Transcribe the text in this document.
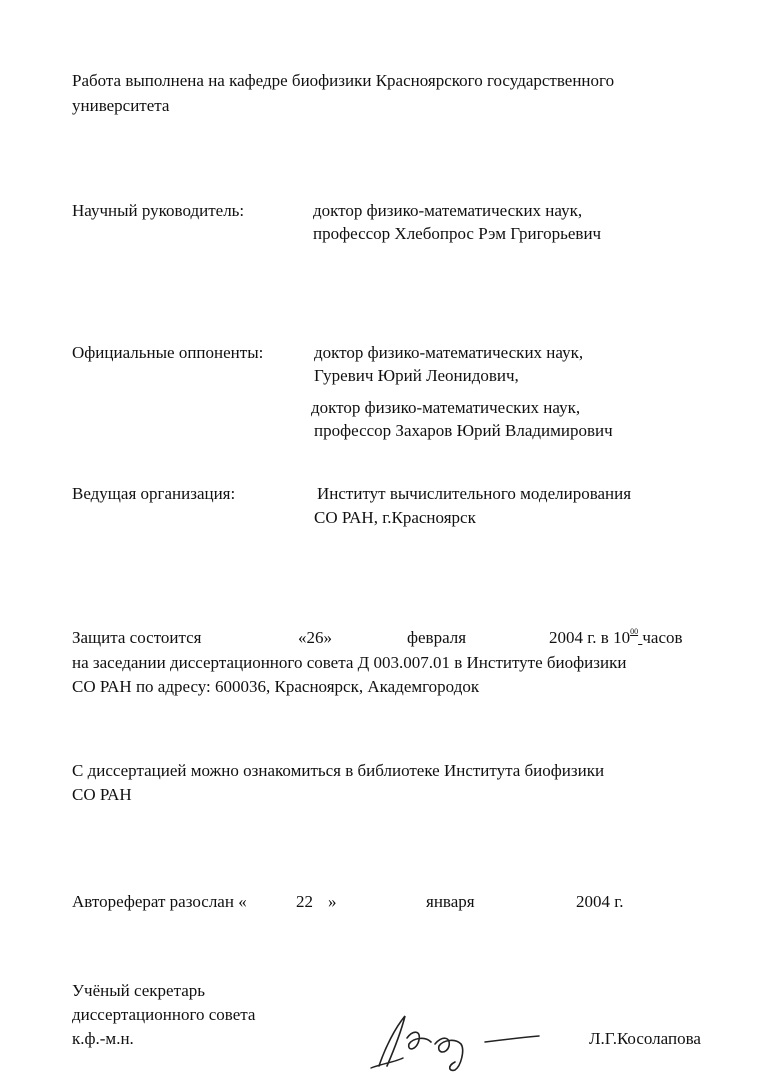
Работа выполнена на кафедре биофизики Красноярского государственного
университета
Научный руководитель:	доктор физико-математических наук,
профессор Хлебопрос Рэм Григорьевич
Официальные оппоненты:	доктор физико-математических наук,
Гуревич Юрий Леонидович,
доктор физико-математических наук,
профессор Захаров Юрий Владимирович
Ведущая организация:	Институт вычислительного моделирования
СО РАН, г.Красноярск
Защита состоится	«26»	февраля	2004 г. в $10^{00}$ часов
на заседании диссертационного совета Д 003.007.01 в Институте биофизики
СО РАН по адресу: 600036, Красноярск, Академгородок
С диссертацией можно ознакомиться в библиотеке Института биофизики
СО РАН
Автореферат разослан «	22 »	января	2004 г.
Учёный секретарь
диссертационного совета
к.ф.-м.н.	Л.Г.Косолапова
